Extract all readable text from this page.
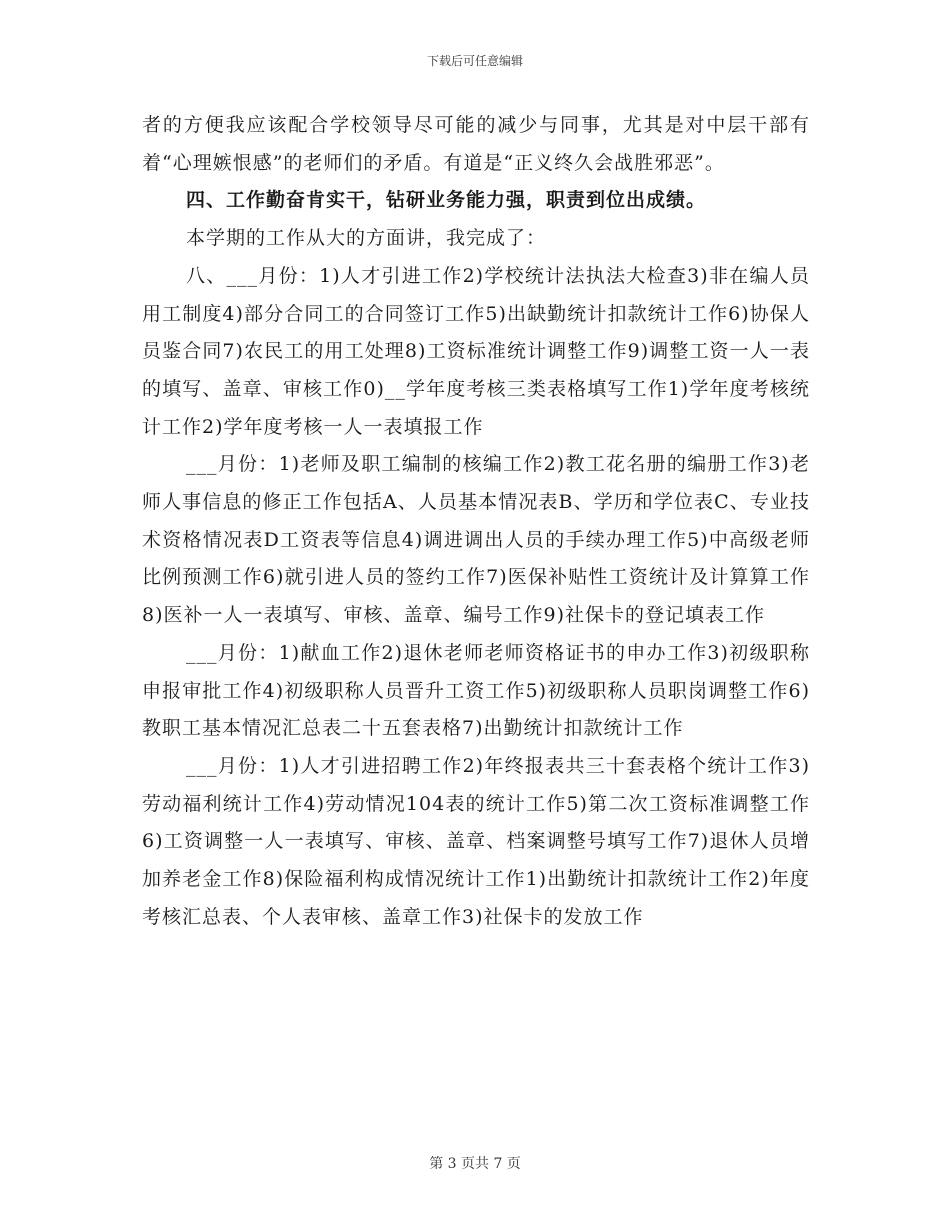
下载后可任意编辑

者的方便我应该配合学校领导尽可能的减少与同事，尤其是对中层干部有着“心理嫉恨感”的老师们的矛盾。有道是“正义终久会战胜邪恶”。

四、工作勤奋肯实干，钻研业务能力强，职责到位出成绩。

本学期的工作从大的方面讲，我完成了：

八、___月份：1)人才引进工作2)学校统计法执法大检查3)非在编人员用工制度4)部分合同工的合同签订工作5)出缺勤统计扣款统计工作6)协保人员鉴合同7)农民工的用工处理8)工资标准统计调整工作9)调整工资一人一表的填写、盖章、审核工作0)__学年度考核三类表格填写工作1)学年度考核统计工作2)学年度考核一人一表填报工作

___月份：1)老师及职工编制的核编工作2)教工花名册的编册工作3)老师人事信息的修正工作包括A、人员基本情况表B、学历和学位表C、专业技术资格情况表D工资表等信息4)调进调出人员的手续办理工作5)中高级老师比例预测工作6)就引进人员的签约工作7)医保补贴性工资统计及计算算工作8)医补一人一表填写、审核、盖章、编号工作9)社保卡的登记填表工作

___月份：1)献血工作2)退休老师老师资格证书的申办工作3)初级职称申报审批工作4)初级职称人员晋升工资工作5)初级职称人员职岗调整工作6)教职工基本情况汇总表二十五套表格7)出勤统计扣款统计工作

___月份：1)人才引进招聘工作2)年终报表共三十套表格个统计工作3)劳动福利统计工作4)劳动情况104表的统计工作5)第二次工资标准调整工作6)工资调整一人一表填写、审核、盖章、档案调整号填写工作7)退休人员增加养老金工作8)保险福利构成情况统计工作1)出勤统计扣款统计工作2)年度考核汇总表、个人表审核、盖章工作3)社保卡的发放工作

第 3 页共 7 页
